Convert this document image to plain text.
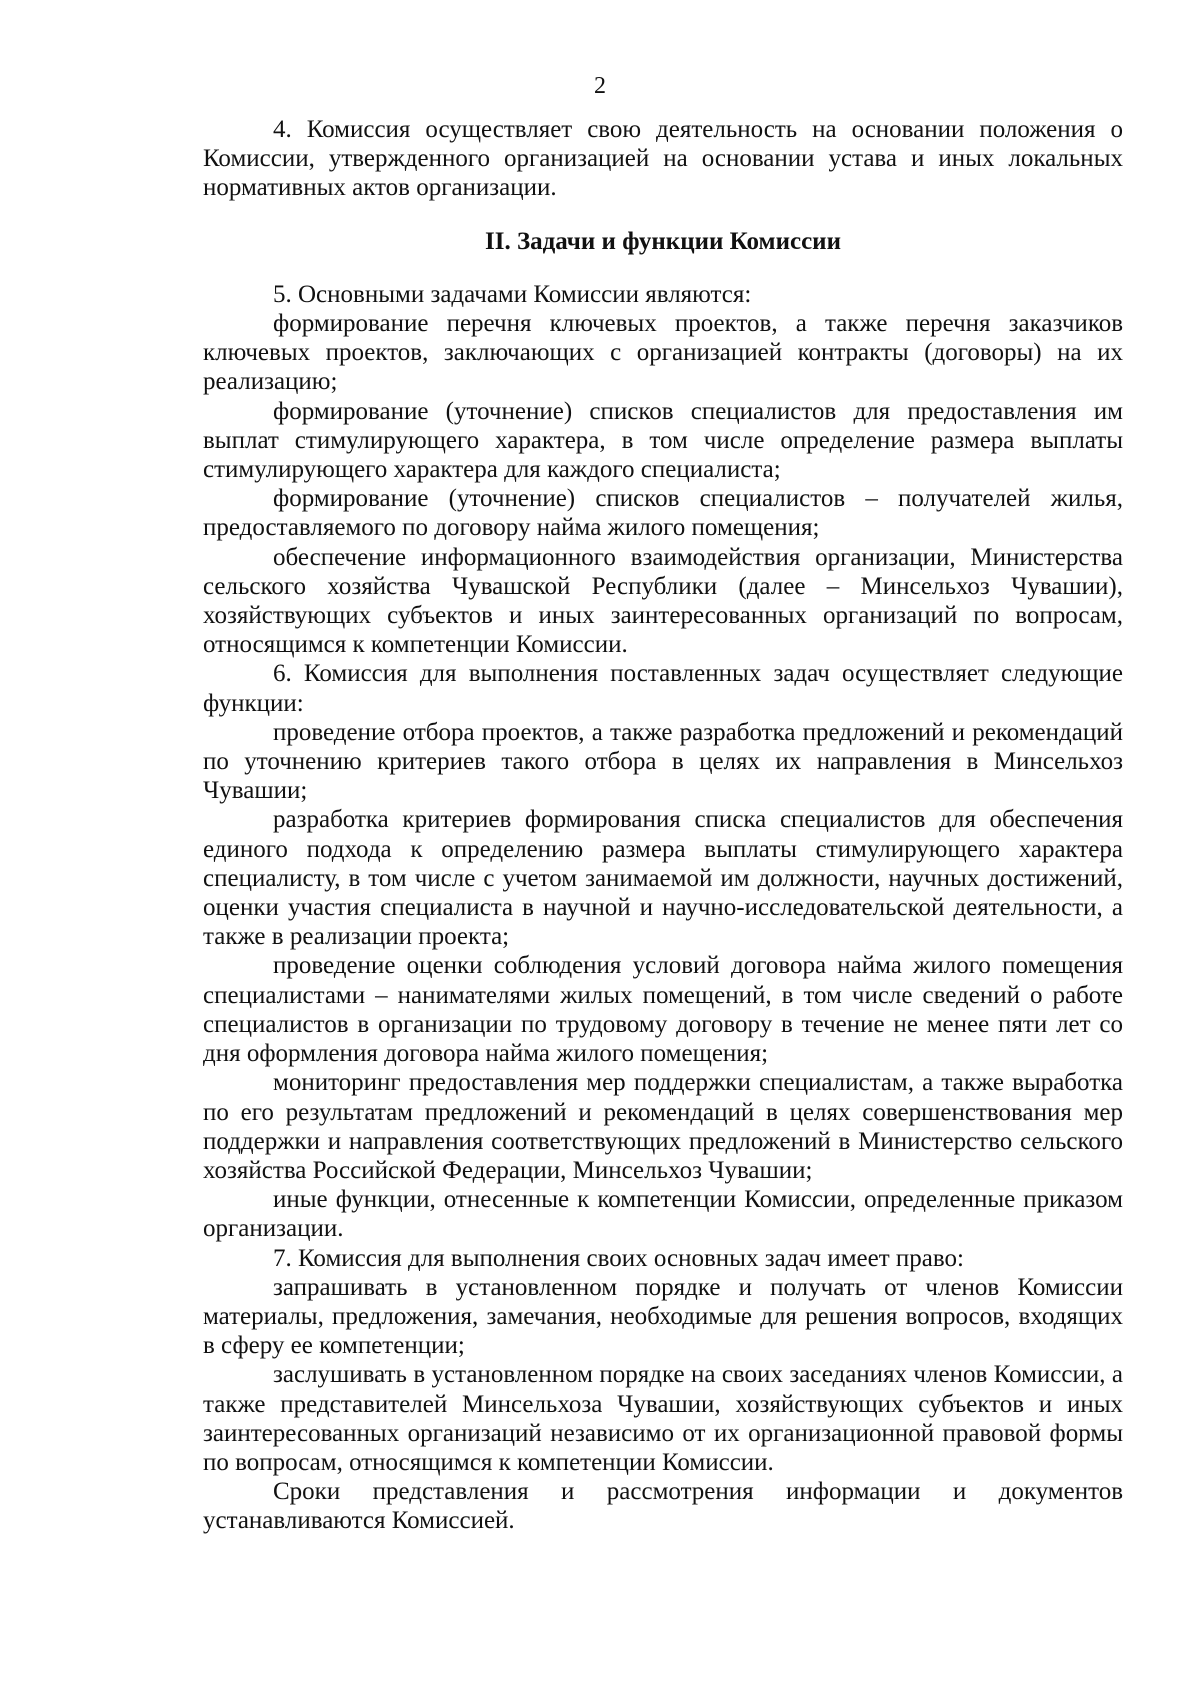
2

4. Комиссия осуществляет свою деятельность на основании положения о Комиссии, утвержденного организацией на основании устава и иных локальных нормативных актов организации.

II. Задачи и функции Комиссии

5. Основными задачами Комиссии являются:

формирование перечня ключевых проектов, а также перечня заказчиков ключевых проектов, заключающих с организацией контракты (договоры) на их реализацию;

формирование (уточнение) списков специалистов для предоставления им выплат стимулирующего характера, в том числе определение размера выплаты стимулирующего характера для каждого специалиста;

формирование (уточнение) списков специалистов – получателей жилья, предоставляемого по договору найма жилого помещения;

обеспечение информационного взаимодействия организации, Министерства сельского хозяйства Чувашской Республики (далее – Минсельхоз Чувашии), хозяйствующих субъектов и иных заинтересованных организаций по вопросам, относящимся к компетенции Комиссии.

6. Комиссия для выполнения поставленных задач осуществляет следующие функции:

проведение отбора проектов, а также разработка предложений и рекомендаций по уточнению критериев такого отбора в целях их направления в Минсельхоз Чувашии;

разработка критериев формирования списка специалистов для обеспечения единого подхода к определению размера выплаты стимулирующего характера специалисту, в том числе с учетом занимаемой им должности, научных достижений, оценки участия специалиста в научной и научно-исследовательской деятельности, а также в реализации проекта;

проведение оценки соблюдения условий договора найма жилого помещения специалистами – нанимателями жилых помещений, в том числе сведений о работе специалистов в организации по трудовому договору в течение не менее пяти лет со дня оформления договора найма жилого помещения;

мониторинг предоставления мер поддержки специалистам, а также выработка по его результатам предложений и рекомендаций в целях совершенствования мер поддержки и направления соответствующих предложений в Министерство сельского хозяйства Российской Федерации, Минсельхоз Чувашии;

иные функции, отнесенные к компетенции Комиссии, определенные приказом организации.

7. Комиссия для выполнения своих основных задач имеет право:

запрашивать в установленном порядке и получать от членов Комиссии материалы, предложения, замечания, необходимые для решения вопросов, входящих в сферу ее компетенции;

заслушивать в установленном порядке на своих заседаниях членов Комиссии, а также представителей Минсельхоза Чувашии, хозяйствующих субъектов и иных заинтересованных организаций независимо от их организационной правовой формы по вопросам, относящимся к компетенции Комиссии.

Сроки представления и рассмотрения информации и документов устанавливаются Комиссией.
